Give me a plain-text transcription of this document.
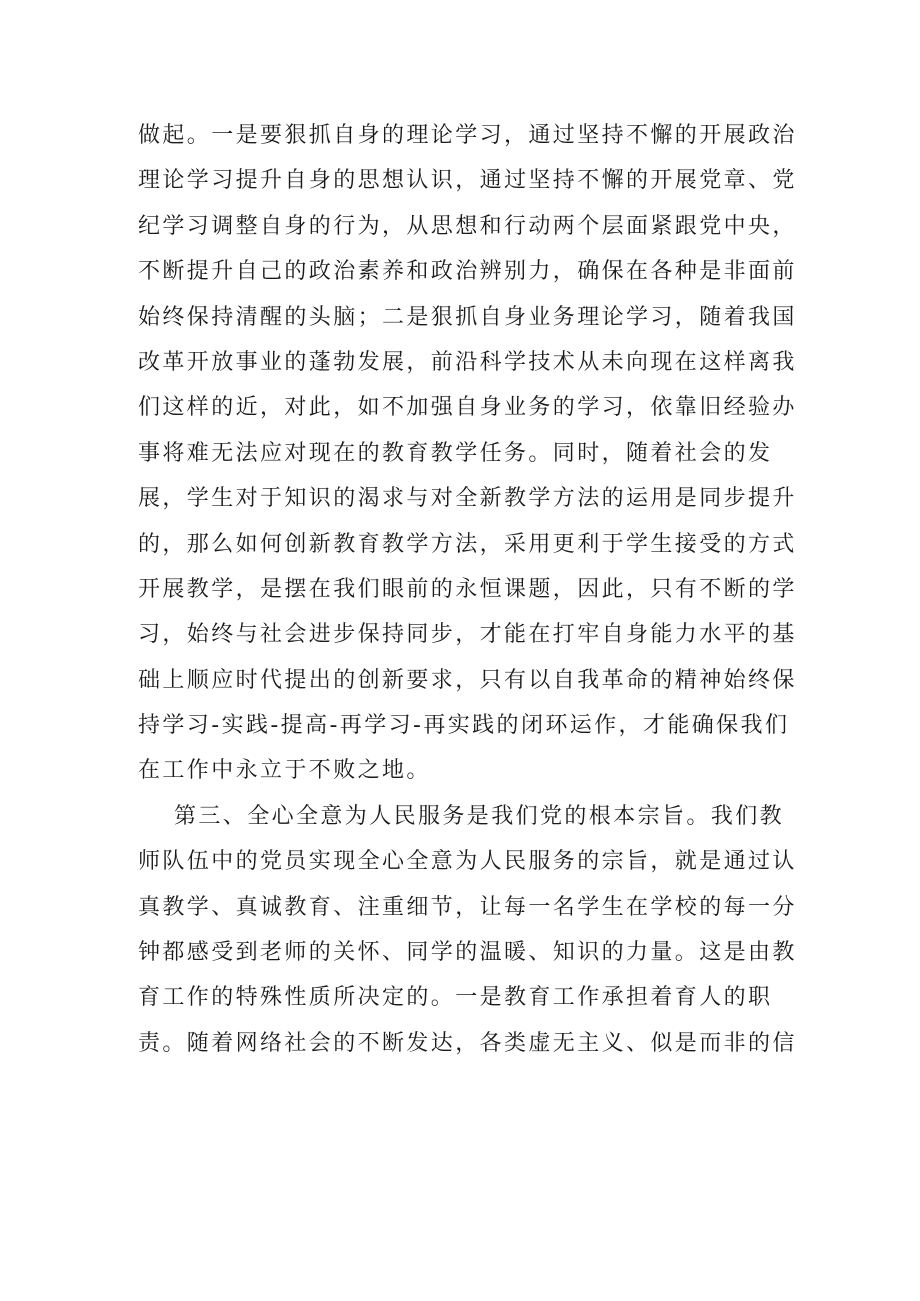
做起。一是要狠抓自身的理论学习，通过坚持不懈的开展政治
理论学习提升自身的思想认识，通过坚持不懈的开展党章、党
纪学习调整自身的行为，从思想和行动两个层面紧跟党中央，
不断提升自己的政治素养和政治辨别力，确保在各种是非面前
始终保持清醒的头脑；二是狠抓自身业务理论学习，随着我国
改革开放事业的蓬勃发展，前沿科学技术从未向现在这样离我
们这样的近，对此，如不加强自身业务的学习，依靠旧经验办
事将难无法应对现在的教育教学任务。同时，随着社会的发
展，学生对于知识的渴求与对全新教学方法的运用是同步提升
的，那么如何创新教育教学方法，采用更利于学生接受的方式
开展教学，是摆在我们眼前的永恒课题，因此，只有不断的学
习，始终与社会进步保持同步，才能在打牢自身能力水平的基
础上顺应时代提出的创新要求，只有以自我革命的精神始终保
持学习-实践-提高-再学习-再实践的闭环运作，才能确保我们
在工作中永立于不败之地。
第三、全心全意为人民服务是我们党的根本宗旨。我们教
师队伍中的党员实现全心全意为人民服务的宗旨，就是通过认
真教学、真诚教育、注重细节，让每一名学生在学校的每一分
钟都感受到老师的关怀、同学的温暖、知识的力量。这是由教
育工作的特殊性质所决定的。一是教育工作承担着育人的职
责。随着网络社会的不断发达，各类虚无主义、似是而非的信
